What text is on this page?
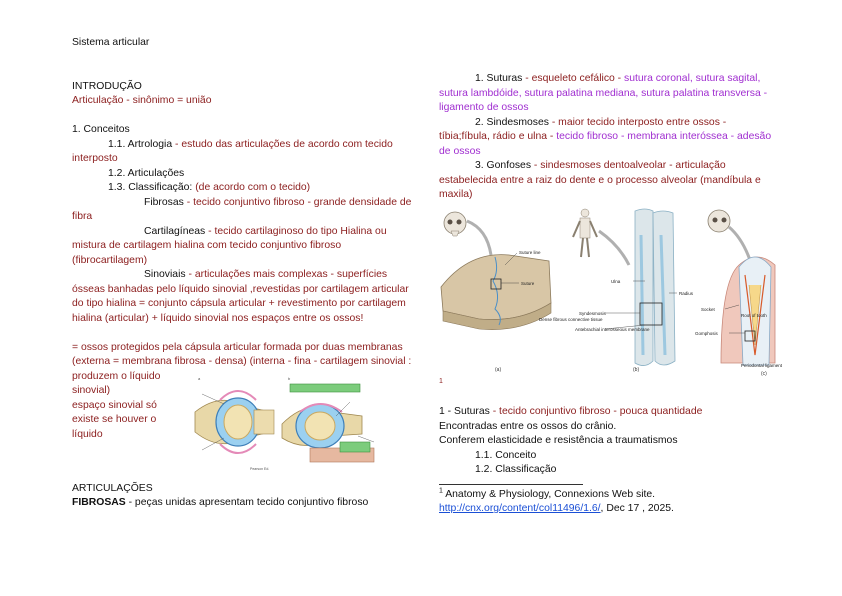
Sistema articular

INTRODUÇÃO

Articulação - sinônimo = união

1. Conceitos

1.1. Artrologia - estudo das articulações de acordo com tecido interposto

1.2. Articulações

1.3. Classificação: (de acordo com o tecido)

Fibrosas - tecido conjuntivo fibroso - grande densidade de fibra

Cartilagíneas - tecido cartilaginoso do tipo Hialina ou mistura de cartilagem hialina com tecido conjuntivo fibroso (fibrocartilagem)

Sinoviais - articulações mais complexas - superfícies ósseas banhadas pelo líquido sinovial ,revestidas por cartilagem articular do tipo hialina = conjunto cápsula articular + revestimento por cartilagem hialina (articular) + líquido sinovial nos espaços entre os ossos!

= ossos protegidos pela cápsula articular formada por duas membranas (externa = membrana fibrosa - densa) (interna - fina - cartilagem sinovial :

produzem o líquido sinovial)

espaço sinovial só existe se houver o líquido

a	b
Pearson Ed.

ARTICULAÇÕES

FIBROSAS - peças unidas apresentam tecido conjuntivo fibroso

1. Suturas - esqueleto cefálico - sutura coronal, sutura sagital, sutura lambdóide, sutura palatina mediana, sutura palatina transversa - ligamento de ossos

2. Sindesmoses - maior tecido interposto entre ossos - tíbia;fíbula, rádio e ulna - tecido fibroso - membrana interóssea - adesão de ossos

3. Gonfoses - sindesmoses dentoalveolar - articulação estabelecida entre a raiz do dente e o processo alveolar (mandíbula e maxila)

Suture line
Suture
Dense fibrous connective tissue
(a)
Ulna
Radius
Syndesmosis
Antebrachial interosseous membrane
(b)
Socket
Gomphosis
Root of tooth
Periodontal ligament
(c)
1

1 - Suturas - tecido conjuntivo fibroso - pouca quantidade

Encontradas entre os ossos do crânio.

Conferem elasticidade e resistência a traumatismos

1.1. Conceito

1.2. Classificação

$^1$ Anatomy & Physiology, Connexions Web site.

http://cnx.org/content/col11496/1.6/, Dec 17 , 2025.
